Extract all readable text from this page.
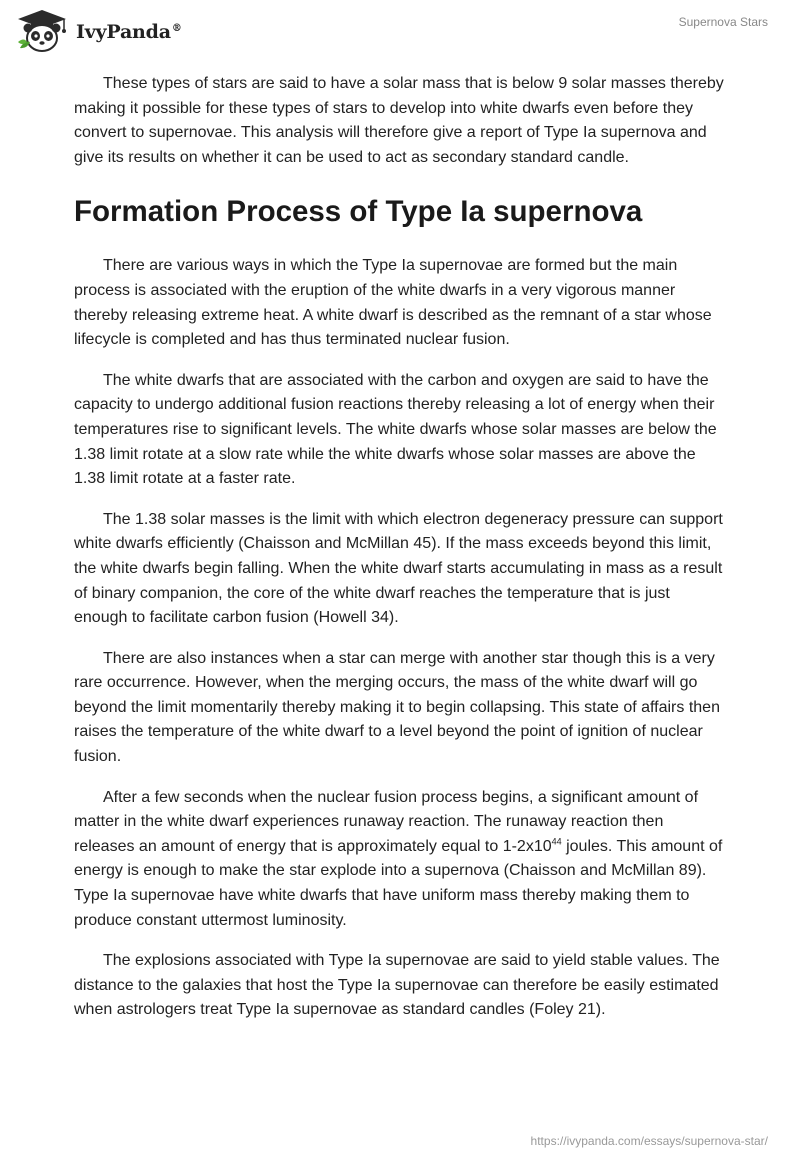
IvyPanda®	Supernova Stars

These types of stars are said to have a solar mass that is below 9 solar masses thereby making it possible for these types of stars to develop into white dwarfs even before they convert to supernovae. This analysis will therefore give a report of Type Ia supernova and give its results on whether it can be used to act as secondary standard candle.

Formation Process of Type Ia supernova

There are various ways in which the Type Ia supernovae are formed but the main process is associated with the eruption of the white dwarfs in a very vigorous manner thereby releasing extreme heat. A white dwarf is described as the remnant of a star whose lifecycle is completed and has thus terminated nuclear fusion.

The white dwarfs that are associated with the carbon and oxygen are said to have the capacity to undergo additional fusion reactions thereby releasing a lot of energy when their temperatures rise to significant levels. The white dwarfs whose solar masses are below the 1.38 limit rotate at a slow rate while the white dwarfs whose solar masses are above the 1.38 limit rotate at a faster rate.

The 1.38 solar masses is the limit with which electron degeneracy pressure can support white dwarfs efficiently (Chaisson and McMillan 45). If the mass exceeds beyond this limit, the white dwarfs begin falling. When the white dwarf starts accumulating in mass as a result of binary companion, the core of the white dwarf reaches the temperature that is just enough to facilitate carbon fusion (Howell 34).

There are also instances when a star can merge with another star though this is a very rare occurrence. However, when the merging occurs, the mass of the white dwarf will go beyond the limit momentarily thereby making it to begin collapsing. This state of affairs then raises the temperature of the white dwarf to a level beyond the point of ignition of nuclear fusion.

After a few seconds when the nuclear fusion process begins, a significant amount of matter in the white dwarf experiences runaway reaction. The runaway reaction then releases an amount of energy that is approximately equal to $1-2x10^{44}$ joules. This amount of energy is enough to make the star explode into a supernova (Chaisson and McMillan 89). Type Ia supernovae have white dwarfs that have uniform mass thereby making them to produce constant uttermost luminosity.

The explosions associated with Type Ia supernovae are said to yield stable values. The distance to the galaxies that host the Type Ia supernovae can therefore be easily estimated when astrologers treat Type Ia supernovae as standard candles (Foley 21).

https://ivypanda.com/essays/supernova-star/
